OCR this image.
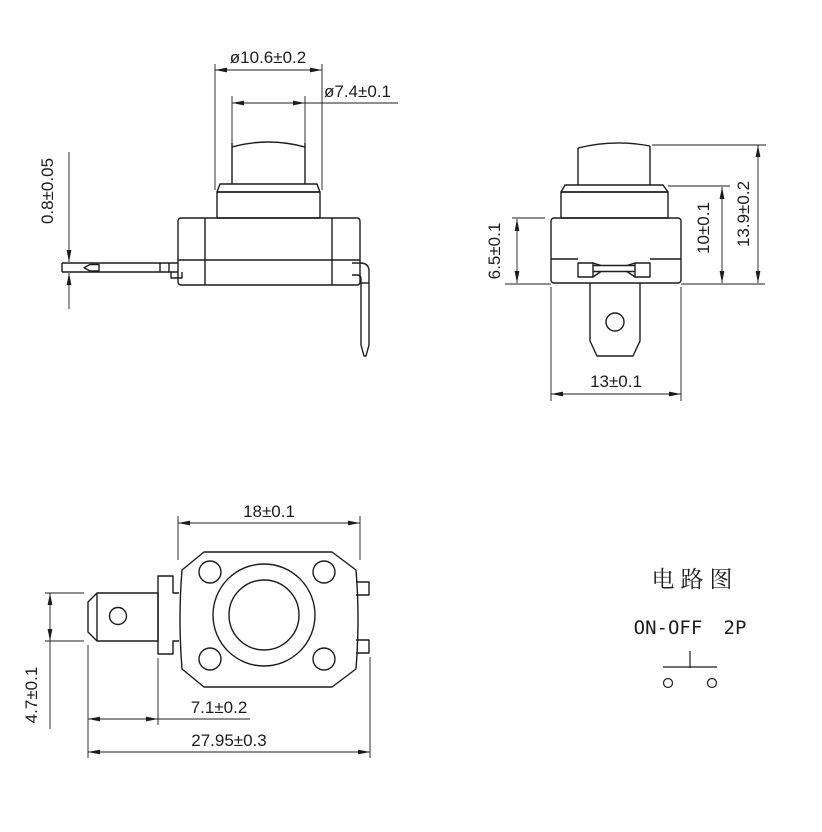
ø10.6±0.2
ø7.4±0.1
0.8±0.05
6.5±0.1	10±0.1 13.9±0.2
13±0.1
18±0.1
4.7±0.1	7.1±0.2
27.95±0.3
电路图
ON-OFF 2P
